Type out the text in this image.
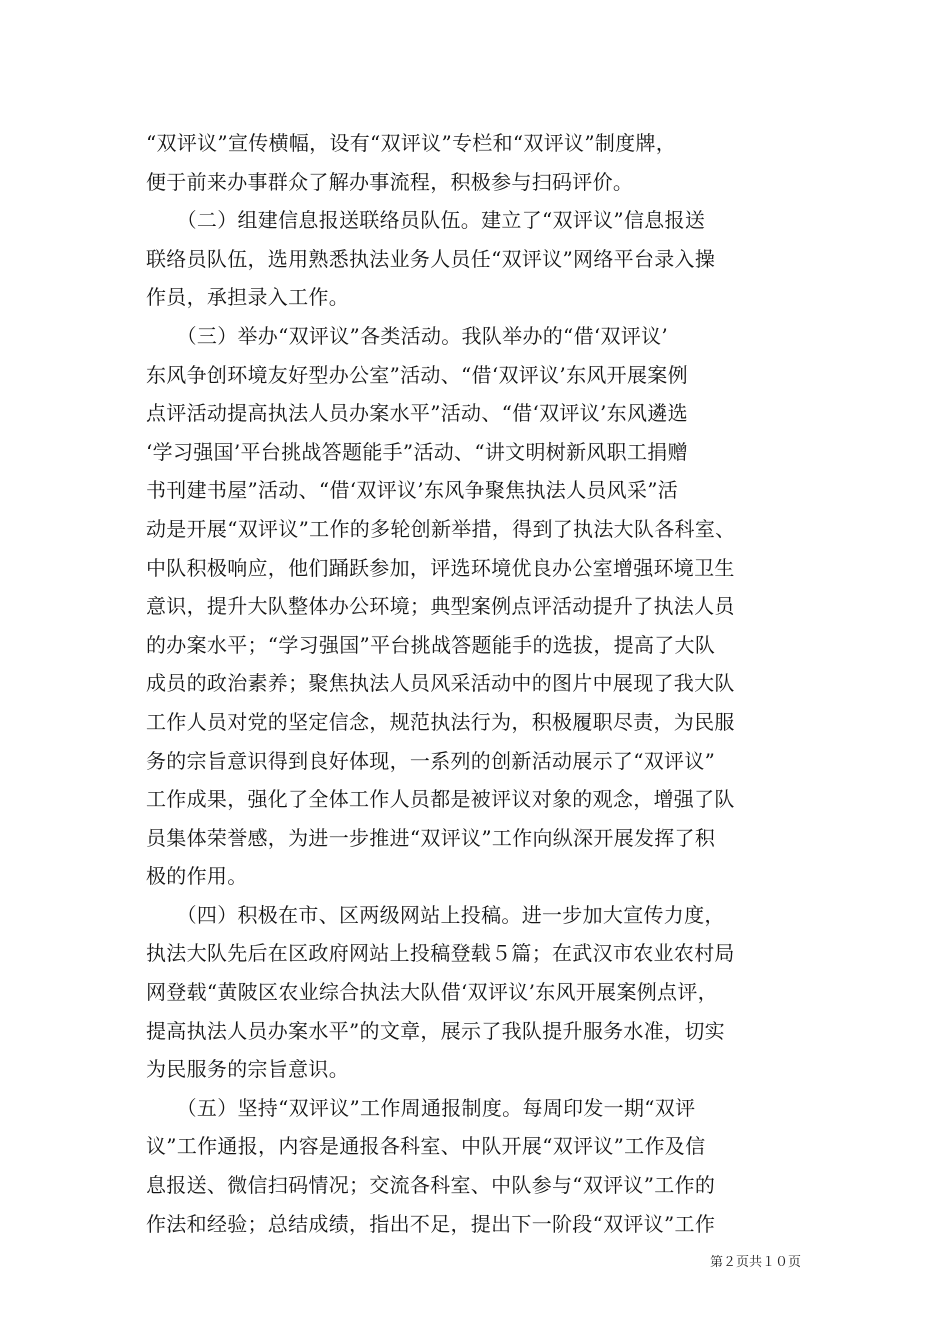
“双评议”宣传横幅，设有“双评议”专栏和“双评议”制度牌，
便于前来办事群众了解办事流程，积极参与扫码评价。
　　（二）组建信息报送联络员队伍。建立了“双评议”信息报送
联络员队伍，选用熟悉执法业务人员任“双评议”网络平台录入操
作员，承担录入工作。
　　（三）举办“双评议”各类活动。我队举办的“借‘双评议’
东风争创环境友好型办公室”活动、“借‘双评议’东风开展案例
点评活动提高执法人员办案水平”活动、“借‘双评议’东风遴选
‘学习强国’平台挑战答题能手”活动、“讲文明树新风职工捐赠
书刊建书屋”活动、“借‘双评议’东风争聚焦执法人员风采”活
动是开展“双评议”工作的多轮创新举措，得到了执法大队各科室、
中队积极响应，他们踊跃参加，评选环境优良办公室增强环境卫生
意识，提升大队整体办公环境；典型案例点评活动提升了执法人员
的办案水平；“学习强国”平台挑战答题能手的选拔，提高了大队
成员的政治素养；聚焦执法人员风采活动中的图片中展现了我大队
工作人员对党的坚定信念，规范执法行为，积极履职尽责，为民服
务的宗旨意识得到良好体现，一系列的创新活动展示了“双评议”
工作成果，强化了全体工作人员都是被评议对象的观念，增强了队
员集体荣誉感，为进一步推进“双评议”工作向纵深开展发挥了积
极的作用。
　　（四）积极在市、区两级网站上投稿。进一步加大宣传力度，
执法大队先后在区政府网站上投稿登载５篇；在武汉市农业农村局
网登载“黄陂区农业综合执法大队借‘双评议’东风开展案例点评，
提高执法人员办案水平”的文章，展示了我队提升服务水准，切实
为民服务的宗旨意识。
　　（五）坚持“双评议”工作周通报制度。每周印发一期“双评
议”工作通报，内容是通报各科室、中队开展“双评议”工作及信
息报送、微信扫码情况；交流各科室、中队参与“双评议”工作的
作法和经验；总结成绩，指出不足，提出下一阶段“双评议”工作
第２页共１０页
